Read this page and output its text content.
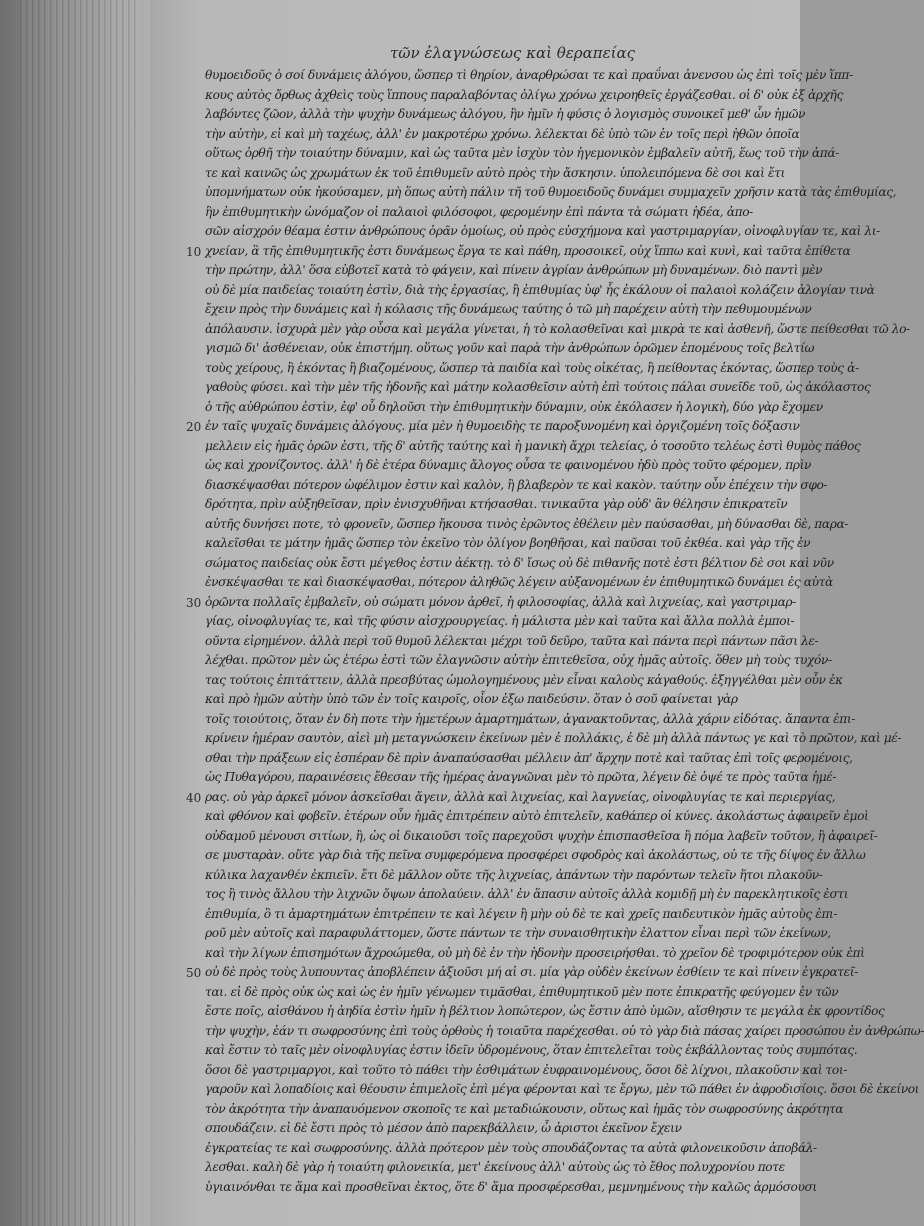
τῶν ἐλαγνώσεως καὶ θεραπείας
10
20
30
40
50
θυμοειδοῦς ὁ σοί δυνάμεις ἀλόγου, ὥσπερ τὶ θηρίον, ἀναρθρώσαι τε καὶ πραΰναι ἀνενσου ὡς ἐπὶ τοῖς μὲν ἵππ-
κους αὐτὸς ὄρθως ἀχθεὶς τοὺς ἵππους παραλαβόντας ὀλίγω χρόνω χειροηθεῖς ἐργάζεσθαι. οἱ δ' οὐκ ἐξ ἀρχῆς
λαβόντες ζῶον, ἀλλὰ τὴν ψυχὴν δυνάμεως ἀλόγου, ἣν ἡμῖν ἡ φύσις ὁ λογισμὸς συνοικεῖ μεθ' ὧν ἡμῶν
τὴν αὐτὴν, εἰ καὶ μὴ ταχέως, ἀλλ' ἐν μακροτέρω χρόνω. λέλεκται δὲ ὑπὸ τῶν ἐν τοῖς περὶ ἠθῶν ὁποῖα
οὕτως ὀρθῆ τὴν τοιαύτην δύναμιν, καὶ ὡς ταῦτα μὲν ἰσχὺν τὸν ἡγεμονικὸν ἐμβαλεῖν αὐτῆ, ἕως τοῦ τὴν ἀπά-
τε καὶ καινῶς ὡς χρωμάτων ἐκ τοῦ ἐπιθυμεῖν αὐτὸ πρὸς τὴν ἄσκησιν. ὑπολειπόμενα δὲ σοι καὶ ἔτι
ὑπομνήματων οὐκ ἠκούσαμεν, μὴ ὅπως αὐτὴ πάλιν τῆ τοῦ θυμοειδοῦς δυνάμει συμμαχεῖν χρῆσιν κατὰ τὰς ἐπιθυμίας,
ἣν ἐπιθυμητικὴν ὠνόμαζον οἱ παλαιοὶ φιλόσοφοι, φερομένην ἐπὶ πάντα τὰ σώματι ἡδέα, ἀπο-
σῶν αἰσχρόν θέαμα ἐστιν ἀνθρώπους ὁρᾶν ὁμοίως, οὐ πρὸς εὐσχήμονα καὶ γαστριμαργίαν, οἰνοφλυγίαν τε, καὶ λι-
χνείαν, ἃ τῆς ἐπιθυμητικῆς ἐστι δυνάμεως ἔργα τε καὶ πάθη, προσοικεῖ, οὐχ ἵππω καὶ κυνὶ, καὶ ταῦτα ἐπίθετα
τὴν πρώτην, ἀλλ' ὅσα εὐβοτεῖ κατὰ τὸ φάγειν, καὶ πίνειν ἀγρίαν ἀνθρώπων μὴ δυναμένων. διὸ παντὶ μὲν
οὐ δὲ μία παιδείας τοιαύτη ἐστὶν, διὰ τὴς ἐργασίας, ἢ ἐπιθυμίας ὑφ' ἧς ἐκάλουν οἱ παλαιοὶ κολάζειν ἀλογίαν τινὰ
ἔχειν πρὸς τὴν δυνάμεις καὶ ἡ κόλασις τῆς δυνάμεως ταύτης ὁ τῶ μὴ παρέχειν αὐτὴ τὴν πεθυμουμένων
ἀπόλαυσιν. ἰσχυρὰ μὲν γὰρ οὖσα καὶ μεγάλα γίνεται, ἡ τὸ κολασθεῖναι καὶ μικρὰ τε καὶ ἀσθενῆ, ὥστε πείθεσθαι τῶ λο-
γισμῶ δι' ἀσθένειαν, οὐκ ἐπιστήμη. οὕτως γοῦν καὶ παρὰ τὴν ἀνθρώπων ὁρῶμεν ἑπομένους τοῖς βελτίω
τοὺς χείρους, ἢ ἑκόντας ἢ βιαζομένους, ὥσπερ τὰ παιδία καὶ τοὺς οἰκέτας, ἢ πείθοντας ἑκόντας, ὥσπερ τοὺς ἀ-
γαθοὺς φύσει. καὶ τὴν μὲν τῆς ἡδονῆς καὶ μάτην κολασθεῖσιν αὐτὴ ἐπὶ τούτοις πάλαι συνεῖδε τοῦ, ὡς ἀκόλαστος
ὁ τῆς αὐθρώπου ἐστὶν, ἐφ' οὗ δηλοῦσι τὴν ἐπιθυμητικὴν δύναμιν, οὐκ ἐκόλασεν ἡ λογικὴ, δύο γὰρ ἔχομεν
ἐν ταῖς ψυχαῖς δυνάμεις ἀλόγους. μία μὲν ἡ θυμοειδὴς τε παροξυνομένη καὶ ὀργιζομένη τοῖς δόξασιν
μελλειν εἰς ἡμᾶς ὁρῶν ἐστι, τῆς δ' αὐτῆς ταύτης καὶ ἡ μανικὴ ἄχρι τελείας, ὁ τοσοῦτο τελέως ἐστὶ θυμὸς πάθος
ὡς καὶ χρονίζοντος. ἀλλ' ἡ δὲ ἑτέρα δύναμις ἄλογος οὖσα τε φαινομένου ἡδὺ πρὸς τοῦτο φέρομεν, πρὶν
διασκέψασθαι πότερον ὠφέλιμον ἐστιν καὶ καλὸν, ἢ βλαβερὸν τε καὶ κακὸν. ταύτην οὖν ἐπέχειν τὴν σφο-
δρότητα, πρὶν αὐξηθεῖσαν, πρὶν ἐνισχυθῆναι κτήσασθαι. τινικαῦτα γὰρ οὐδ' ἂν θέλησιν ἐπικρατεῖν
αὐτῆς δυνήσει ποτε, τὸ φρονεῖν, ὥσπερ ἤκουσα τινὸς ἐρῶντος ἐθέλειν μὲν παύσασθαι, μὴ δύνασθαι δὲ, παρα-
καλεῖσθαι τε μάτην ἡμᾶς ὥσπερ τὸν ἐκεῖνο τὸν ὀλίγον βοηθῆσαι, καὶ παῦσαι τοῦ ἐκθέα. καὶ γὰρ τῆς ἐν
σώματος παιδείας οὐκ ἔστι μέγεθος ἐστιν ἀέκτῃ. τὸ δ' ἴσως οὐ δὲ πιθανῆς ποτὲ ἐστι βέλτιον δὲ σοι καὶ νῦν
ἐνσκέψασθαι τε καὶ διασκέψασθαι, πότερον ἀληθῶς λέγειν αὐξανομένων ἐν ἐπιθυμητικῶ δυνάμει ἐς αὐτὰ
ὁρῶντα πολλαῖς ἐμβαλεῖν, οὐ σώματι μόνον ἀρθεῖ, ἡ φιλοσοφίας, ἀλλὰ καὶ λιχνείας, καὶ γαστριμαρ-
γίας, οἰνοφλυγίας τε, καὶ τῆς φύσιν αἰσχρουργείας. ἡ μάλιστα μὲν καὶ ταῦτα καὶ ἄλλα πολλὰ ἐμποι-
οῦντα εἰρημένον. ἀλλὰ περὶ τοῦ θυμοῦ λέλεκται μέχρι τοῦ δεῦρο, ταῦτα καὶ πάντα περὶ πάντων πᾶσι λε-
λέχθαι. πρῶτον μὲν ὡς ἑτέρω ἐστὶ τῶν ἐλαγνῶσιν αὐτὴν ἐπιτεθεῖσα, οὐχ ἡμᾶς αὐτοῖς. ὅθεν μὴ τοὺς τυχόν-
τας τούτοις ἐπιτάττειν, ἀλλὰ πρεσβύτας ὡμολογημένους μὲν εἶναι καλοὺς κἀγαθούς. ἐξηγγέλθαι μὲν οὖν ἐκ
καὶ πρὸ ἡμῶν αὐτὴν ὑπὸ τῶν ἐν τοῖς καιροῖς, οἷον ἐξω παιδεύσιν. ὅταν ὁ σοῦ φαίνεται γὰρ
τοῖς τοιούτοις, ὅταν ἐν δὴ ποτε τὴν ἡμετέρων ἁμαρτημάτων, ἀγανακτοῦντας, ἀλλὰ χάριν εἰδότας. ἄπαντα ἐπι-
κρίνειν ἡμέραν σαυτὸν, αἰεὶ μὴ μεταγνώσκειν ἐκείνων μὲν ἐ πολλάκις, ἐ δὲ μὴ ἀλλὰ πάντως γε καὶ τὸ πρῶτον, καὶ μέ-
σθαι τὴν πράξεων εἰς ἑσπέραν δὲ πρὶν ἀναπαύσασθαι μέλλειν ἀπ' ἄρχην ποτὲ καὶ ταῦτας ἐπὶ τοῖς φερομένοις,
ὡς Πυθαγόρου, παραινέσεις ἔθεσαν τῆς ἡμέρας ἀναγνῶναι μὲν τὸ πρῶτα, λέγειν δὲ ὀψέ τε πρὸς ταῦτα ἡμέ-
ρας. οὐ γὰρ ἀρκεῖ μόνον ἀσκεῖσθαι ἄγειν, ἀλλὰ καὶ λιχνείας, καὶ λαγνείας, οἰνοφλυγίας τε καὶ περιεργίας,
καὶ φθόνον καὶ φοβεῖν. ἑτέρων οὖν ἡμᾶς ἐπιτρέπειν αὐτὸ ἐπιτελεῖν, καθάπερ οἱ κύνες. ἀκολάστως ἀφαιρεῖν ἐμοὶ
οὐδαμοῦ μένουσι σιτίων, ἢ, ὡς οἱ δικαιοῦσι τοῖς παρεχοῦσι ψυχὴν ἐπισπασθεῖσα ἢ πόμα λαβεῖν τοῦτον, ἢ ἀφαιρεῖ-
σε μυσταρὰν. οὔτε γὰρ διὰ τῆς πεῖνα συμφερόμενα προσφέρει σφοδρὸς καὶ ἀκολάστως, οὐ τε τῆς δίψος ἐν ἄλλω
κύλικα λαχανθέν ἐκπιεῖν. ἔτι δὲ μᾶλλον οὔτε τῆς λιχνείας, ἀπάντων τὴν παρόντων τελεῖν ἥτοι πλακοῦν-
τος ἢ τινὸς ἄλλου τὴν λιχνῶν ὄψων ἀπολαύειν. ἀλλ' ἐν ἅπασιν αὐτοῖς ἀλλὰ κομιδῇ μὴ ἐν παρεκλητικοῖς ἐστι
ἐπιθυμία, ὃ τι ἁμαρτημάτων ἐπιτρέπειν τε καὶ λέγειν ἢ μὴν οὐ δὲ τε καὶ χρεῖς παιδευτικὸν ἡμᾶς αὐτοὺς ἐπι-
ροῦ μὲν αὐτοῖς καὶ παραφυλάττομεν, ὥστε πάντων τε τὴν συναισθητικὴν ἐλαττον εἶναι περὶ τῶν ἐκείνων,
καὶ τὴν λίγων ἐπισημότων ἄχροώμεθα, οὐ μὴ δὲ ἐν τὴν ἡδονὴν προσειρήσθαι. τὸ χρεῖον δὲ τροφιμότερον οὐκ ἐπὶ
οὐ δὲ πρὸς τοὺς λυπουντας ἀποβλέπειν ἀξιοῦσι μή αἱ σι. μία γὰρ οὐδὲν ἐκείνων ἐσθίειν τε καὶ πίνειν ἐγκρατεῖ-
ται. εἰ δὲ πρὸς οὐκ ὡς καὶ ὡς ἐν ἡμῖν γένωμεν τιμᾶσθαι, ἐπιθυμητικοῦ μὲν ποτε ἐπικρατῆς φεύγομεν ἐν τῶν
ἔστε ποῖς, αἰσθάνου ἡ ἀηδία ἐστὶν ἡμῖν ἡ βέλτιον λοπώτερον, ὡς ἔστιν ἀπὸ ὑμῶν, αἴσθησιν τε μεγάλα ἐκ φροντίδος
τὴν ψυχὴν, ἐάν τι σωφροσύνης ἐπὶ τοὺς ὀρθοὺς ἡ τοιαῦτα παρέχεσθαι. οὐ τὸ γὰρ διὰ πάσας χαίρει προσώπου ἐν ἀνθρώπω-
καὶ ἔστιν τὸ ταῖς μὲν οἰνοφλυγίας ἐστιν ἰδεῖν ὑδρομένους, ὅταν ἐπιτελεῖται τοὺς ἐκβάλλοντας τοὺς συμπότας.
ὅσοι δὲ γαστριμαργοι, καὶ τοῦτο τὸ πάθει τὴν ἐσθιμάτων ἐυφραινομένους, ὅσοι δὲ λίχνοι, πλακοῦσιν καὶ τοι-
γαροῦν καὶ λοπαδίοις καὶ θέουσιν ἐπιμελοῖς ἐπὶ μέγα φέρονται καὶ τε ἔργω, μὲν τῶ πάθει ἐν ἀφροδισίοις. ὅσοι δὲ ἐκείνοι
τὸν ἀκρότητα τὴν ἀναπαυόμενον σκοποῖς τε καὶ μεταδιώκουσιν, οὕτως καὶ ἡμᾶς τὸν σωφροσύνης ἀκρότητα
σπουδάζειν. εἰ δὲ ἔστι πρὸς τὸ μέσον ἀπὸ παρεκβάλλειν, ὦ ἀριστοι ἐκεῖνον ἔχειν
ἐγκρατείας τε καὶ σωφροσύνης. ἀλλὰ πρότερον μὲν τοὺς σπουδάζοντας τα αὐτὰ φιλονεικοῦσιν ἀποβάλ-
λεσθαι. καλὴ δὲ γὰρ ἡ τοιαύτη φιλονεικία, μετ' ἐκείνους ἀλλ' αὐτοὺς ὡς τὸ ἔθος πολυχρονίου ποτε
ὑγιαινόνθαι τε ἅμα καὶ προσθεῖναι ἐκτος, ὅτε δ' ἅμα προσφέρεσθαι, μεμνημένους τὴν καλῶς ἀρμόσουσι
